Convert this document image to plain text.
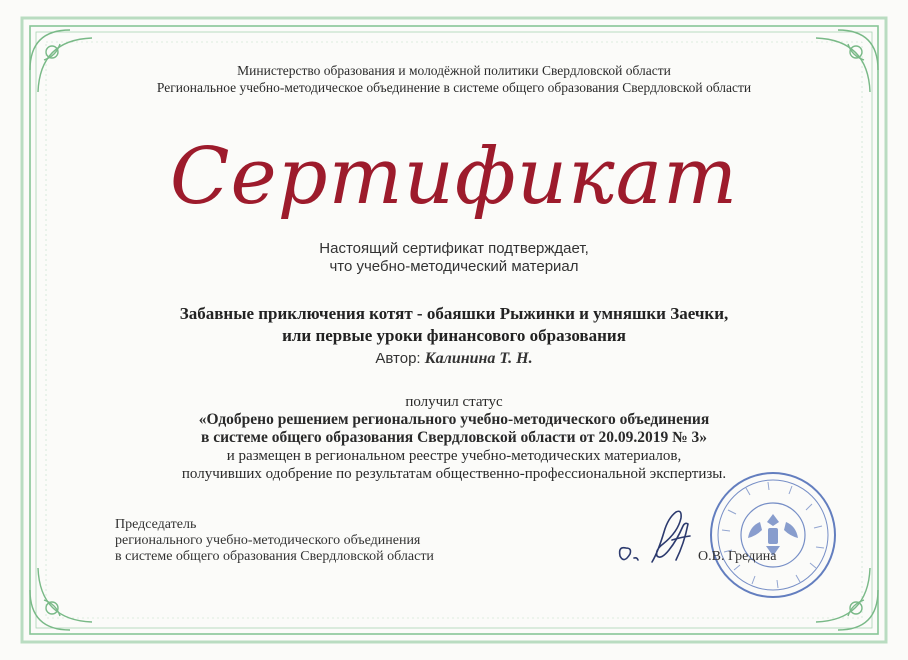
Министерство образования и молодёжной политики Свердловской области
Региональное учебно-методическое объединение в системе общего образования Свердловской области
Сертификат
Настоящий сертификат подтверждает,
что учебно-методический материал
Забавные приключения котят - обаяшки Рыжинки и умняшки Заечки,
или первые уроки финансового образования
Автор: Калинина Т. Н.
получил статус
«Одобрено решением регионального учебно-методического объединения
в системе общего образования Свердловской области от 20.09.2019 № 3»
и размещен в региональном реестре учебно-методических материалов,
получивших одобрение по результатам общественно-профессиональной экспертизы.
Председатель
регионального учебно-методического объединения
в системе общего образования Свердловской области	О.В. Гредина
